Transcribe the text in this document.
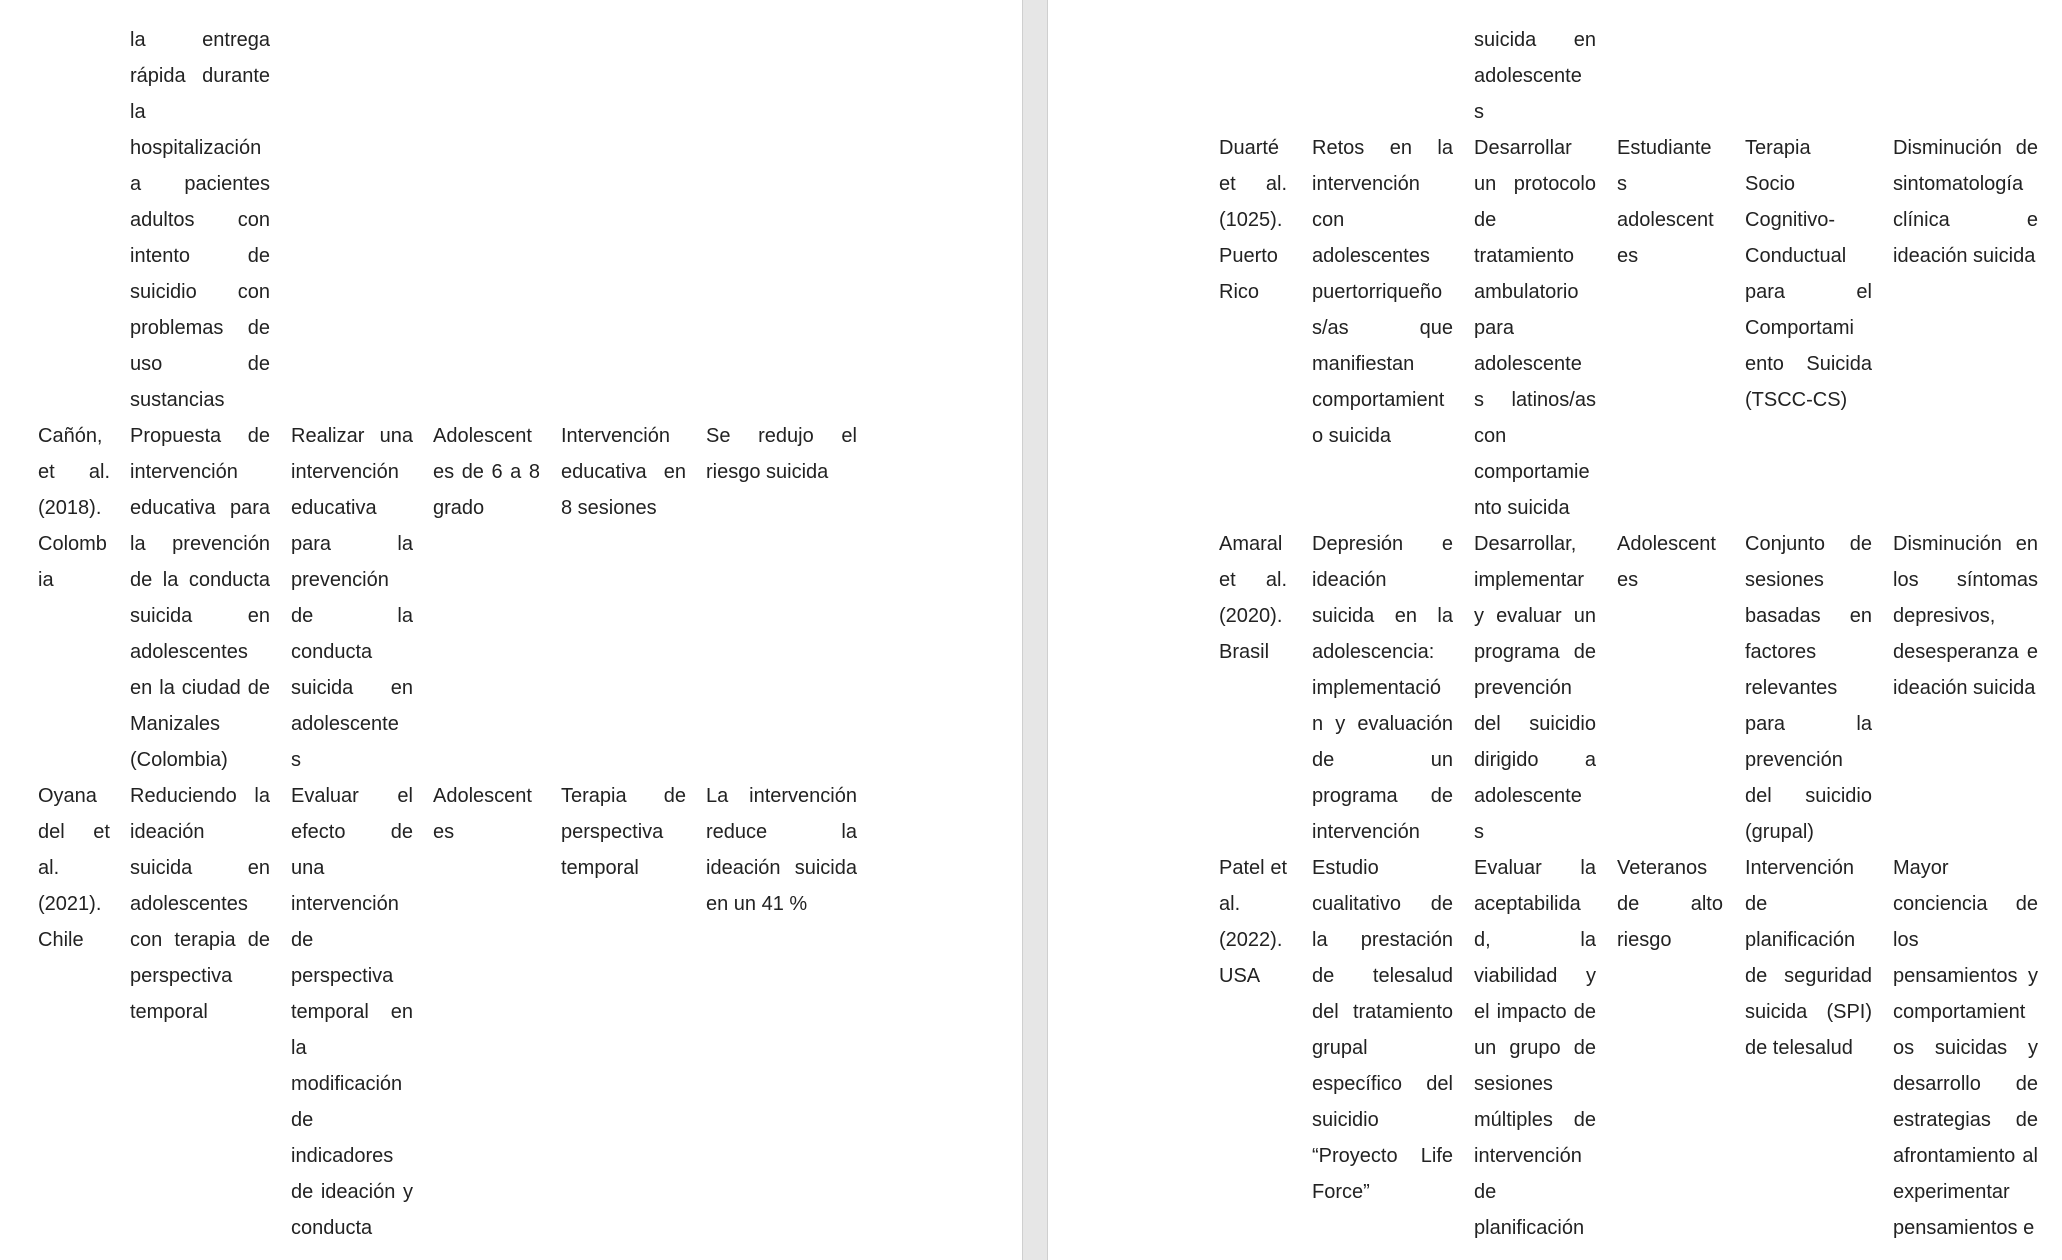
la entrega
rápida durante
la
hospitalización
a pacientes
adultos con
intento de
suicidio con
problemas de
uso de
sustancias
Cañón,
et al.
(2018).
Colomb
ia
Propuesta de
intervención
educativa para
la prevención
de la conducta
suicida en
adolescentes
en la ciudad de
Manizales
(Colombia)
Realizar una
intervención
educativa
para la
prevención
de la
conducta
suicida en
adolescente
s
Adolescent
es de 6 a 8
grado
Intervención
educativa en
8 sesiones
Se redujo el
riesgo suicida
Oyana
del et
al.
(2021).
Chile
Reduciendo la
ideación
suicida en
adolescentes
con terapia de
perspectiva
temporal
Evaluar el
efecto de
una
intervención
de
perspectiva
temporal en
la
modificación
de
indicadores
de ideación y
conducta
Adolescent
es
Terapia de
perspectiva
temporal
La intervención
reduce la
ideación suicida
en un 41 %
suicida en
adolescente
s
Duarté
et al.
(1025).
Puerto
Rico
Retos en la
intervención
con
adolescentes
puertorriqueño
s/as que
manifiestan
comportamient
o suicida
Desarrollar
un protocolo
de
tratamiento
ambulatorio
para
adolescente
s latinos/as
con
comportamie
nto suicida
Estudiante
s
adolescent
es
Terapia
Socio
Cognitivo-
Conductual
para el
Comportami
ento Suicida
(TSCC-CS)
Disminución de
sintomatología
clínica e
ideación suicida
Amaral
et al.
(2020).
Brasil
Depresión e
ideación
suicida en la
adolescencia:
implementació
n y evaluación
de un
programa de
intervención
Desarrollar,
implementar
y evaluar un
programa de
prevención
del suicidio
dirigido a
adolescente
s
Adolescent
es
Conjunto de
sesiones
basadas en
factores
relevantes
para la
prevención
del suicidio
(grupal)
Disminución en
los síntomas
depresivos,
desesperanza e
ideación suicida
Patel et
al.
(2022).
USA
Estudio
cualitativo de
la prestación
de telesalud
del tratamiento
grupal
específico del
suicidio
“Proyecto Life
Force”
Evaluar la
aceptabilida
d, la
viabilidad y
el impacto de
un grupo de
sesiones
múltiples de
intervención
de
planificación
Veteranos
de alto
riesgo
Intervención
de
planificación
de seguridad
suicida (SPI)
de telesalud
Mayor
conciencia de
los
pensamientos y
comportamient
os suicidas y
desarrollo de
estrategias de
afrontamiento al
experimentar
pensamientos e
